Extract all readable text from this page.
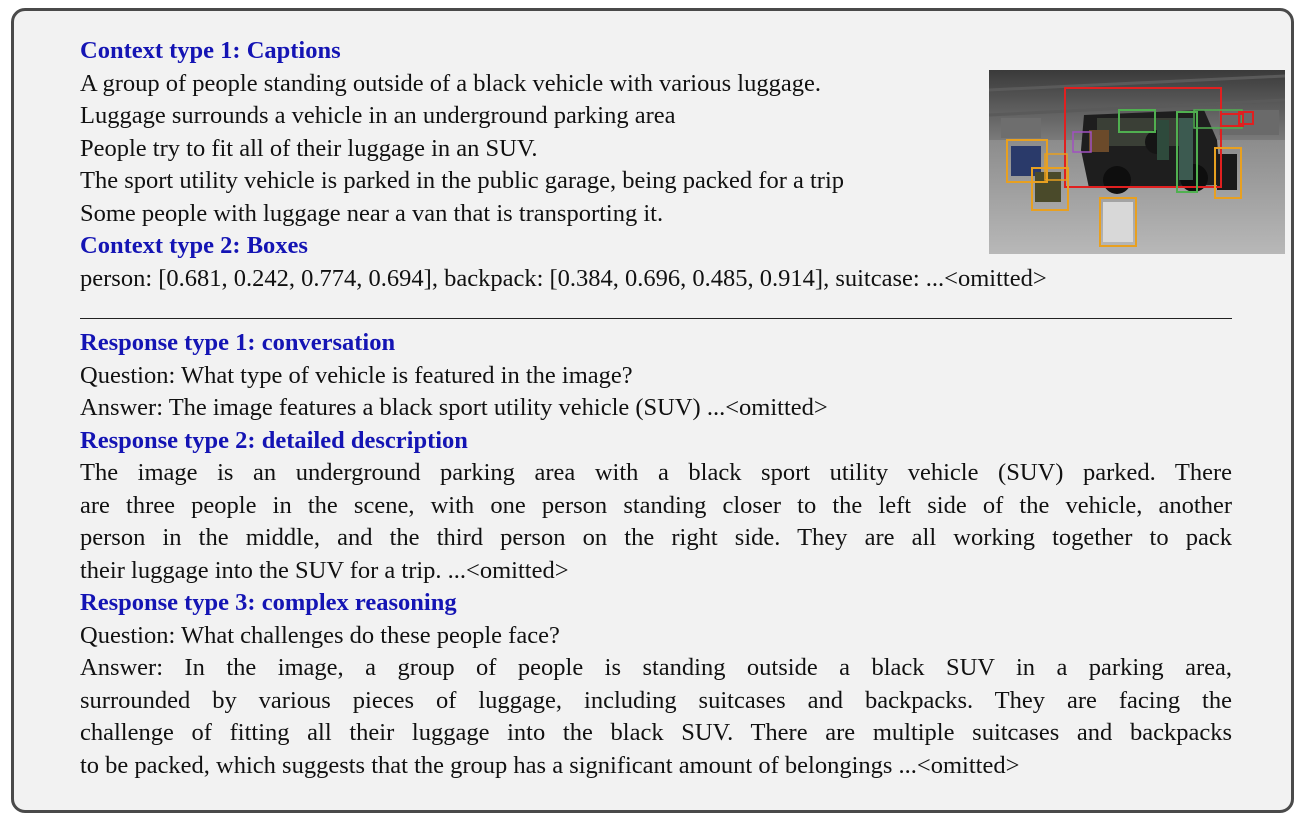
Context type 1: Captions
A group of people standing outside of a black vehicle with various luggage.
Luggage surrounds a vehicle in an underground parking area
People try to fit all of their luggage in an SUV.
The sport utility vehicle is parked in the public garage, being packed for a trip
Some people with luggage near a van that is transporting it.
Context type 2: Boxes
person: [0.681, 0.242, 0.774, 0.694], backpack: [0.384, 0.696, 0.485, 0.914], suitcase: ...<omitted>
Response type 1: conversation
Question: What type of vehicle is featured in the image?
Answer: The image features a black sport utility vehicle (SUV) ...<omitted>
Response type 2: detailed description
The image is an underground parking area with a black sport utility vehicle (SUV) parked. There
are three people in the scene, with one person standing closer to the left side of the vehicle, another
person in the middle, and the third person on the right side. They are all working together to pack
their luggage into the SUV for a trip. ...<omitted>
Response type 3: complex reasoning
Question: What challenges do these people face?
Answer: In the image, a group of people is standing outside a black SUV in a parking area,
surrounded by various pieces of luggage, including suitcases and backpacks. They are facing the
challenge of fitting all their luggage into the black SUV. There are multiple suitcases and backpacks
to be packed, which suggests that the group has a significant amount of belongings ...<omitted>
